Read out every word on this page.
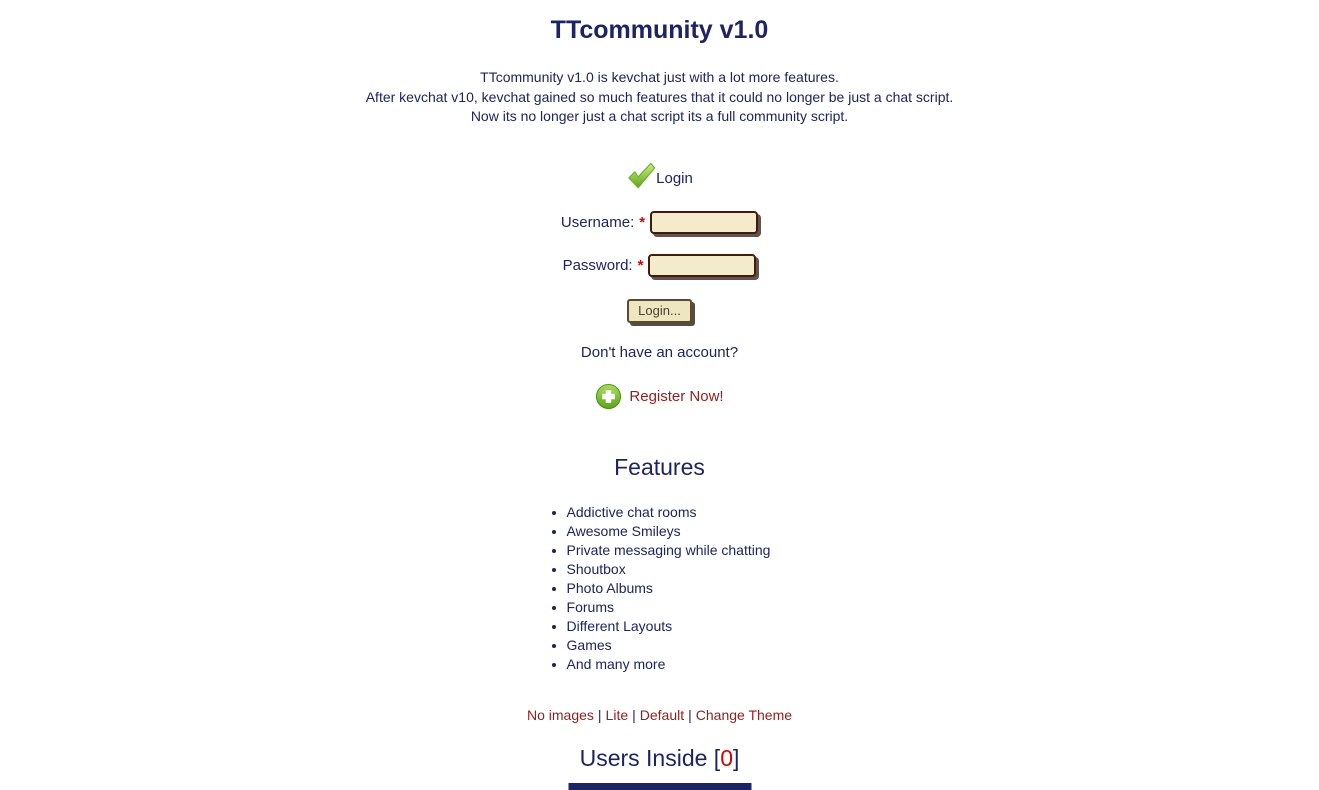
TTcommunity v1.0
TTcommunity v1.0 is kevchat just with a lot more features.
After kevchat v10, kevchat gained so much features that it could no longer be just a chat script.
Now its no longer just a chat script its a full community script.
Login
Username: *
Password: *
Login...
Don't have an account?
Register Now!
Features
• Addictive chat rooms
• Awesome Smileys
• Private messaging while chatting
• Shoutbox
• Photo Albums
• Forums
• Different Layouts
• Games
• And many more
No images | Lite | Default | Change Theme
Users Inside [0]
